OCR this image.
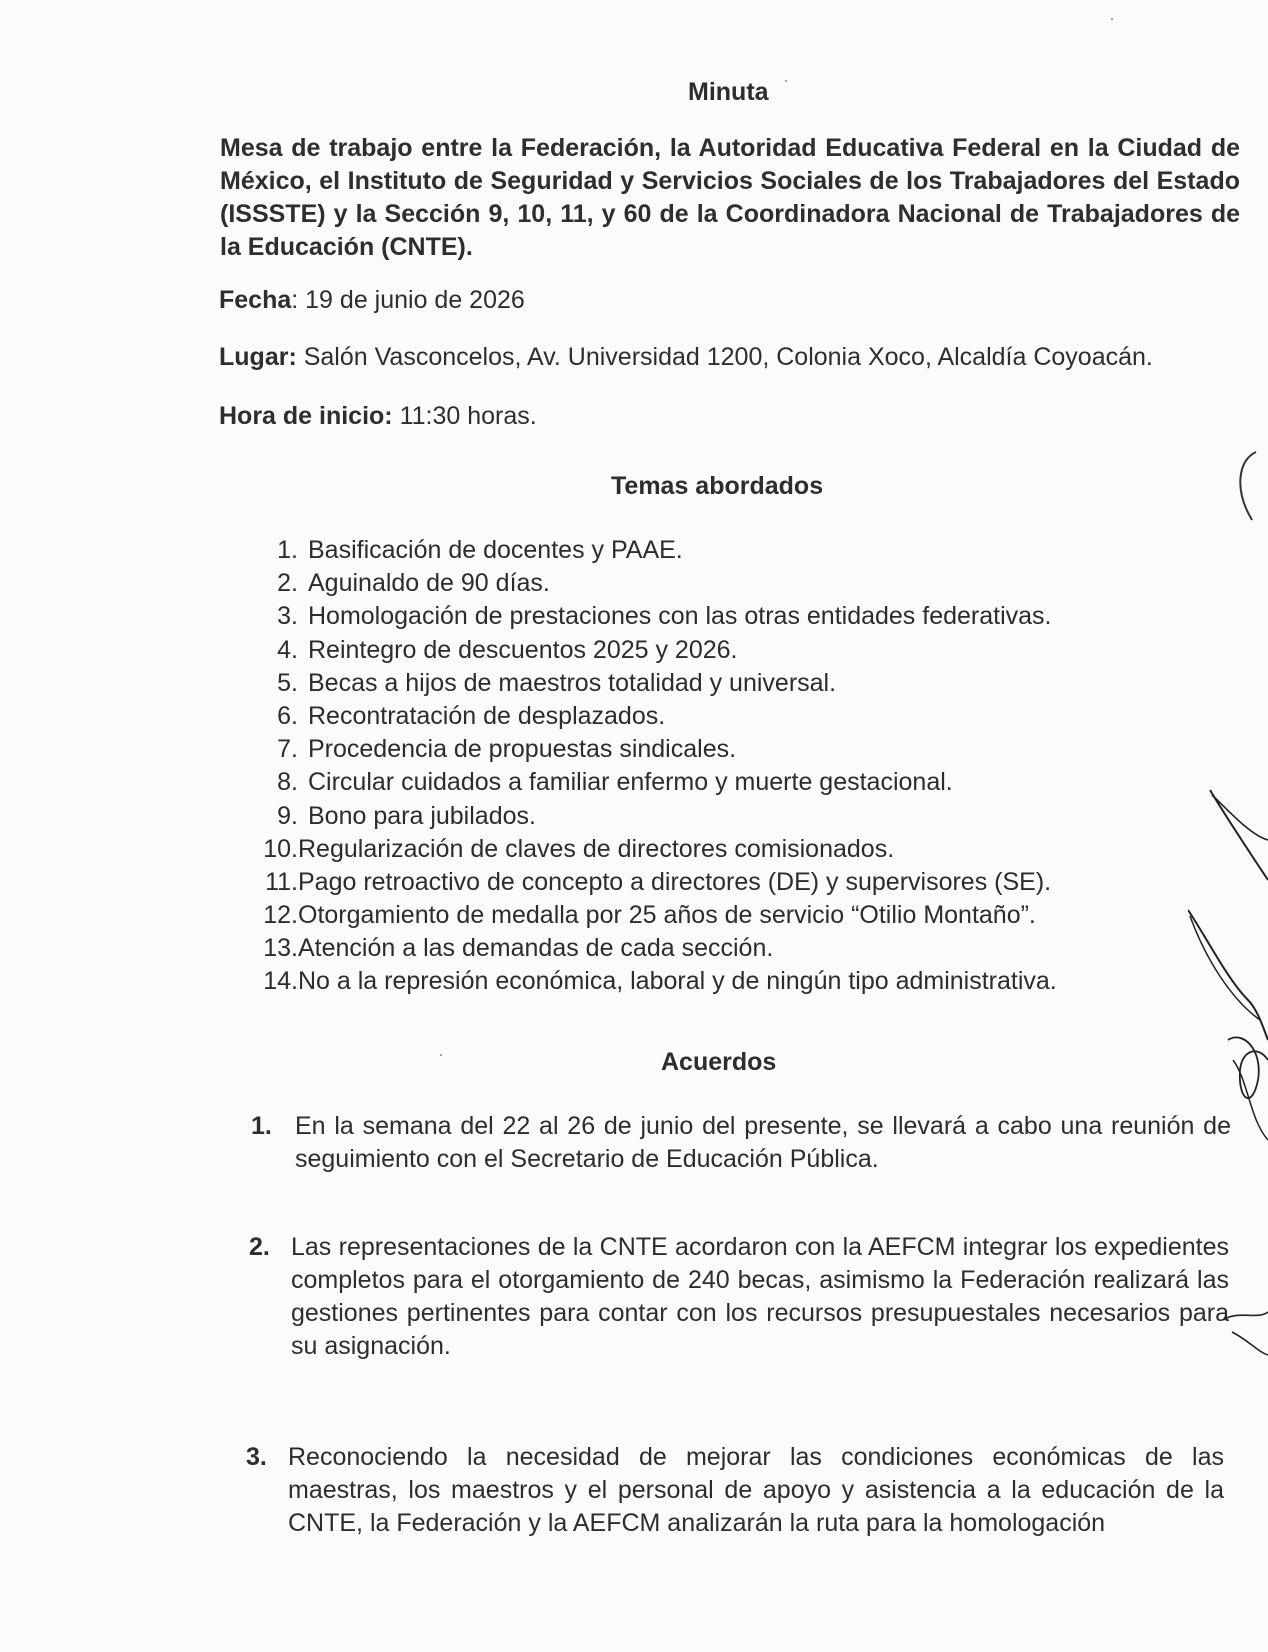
Minuta
Mesa de trabajo entre la Federación, la Autoridad Educativa Federal en la Ciudad de México, el Instituto de Seguridad y Servicios Sociales de los Trabajadores del Estado (ISSSTE) y la Sección 9, 10, 11, y 60 de la Coordinadora Nacional de Trabajadores de la Educación (CNTE).
Fecha: 19 de junio de 2026
Lugar: Salón Vasconcelos, Av. Universidad 1200, Colonia Xoco, Alcaldía Coyoacán.
Hora de inicio: 11:30 horas.
Temas abordados
1. Basificación de docentes y PAAE.
2. Aguinaldo de 90 días.
3. Homologación de prestaciones con las otras entidades federativas.
4. Reintegro de descuentos 2025 y 2026.
5. Becas a hijos de maestros totalidad y universal.
6. Recontratación de desplazados.
7. Procedencia de propuestas sindicales.
8. Circular cuidados a familiar enfermo y muerte gestacional.
9. Bono para jubilados.
10.Regularización de claves de directores comisionados.
11.Pago retroactivo de concepto a directores (DE) y supervisores (SE).
12.Otorgamiento de medalla por 25 años de servicio “Otilio Montaño”.
13.Atención a las demandas de cada sección.
14.No a la represión económica, laboral y de ningún tipo administrativa.
Acuerdos
1. En la semana del 22 al 26 de junio del presente, se llevará a cabo una reunión de seguimiento con el Secretario de Educación Pública.
2. Las representaciones de la CNTE acordaron con la AEFCM integrar los expedientes completos para el otorgamiento de 240 becas, asimismo la Federación realizará las gestiones pertinentes para contar con los recursos presupuestales necesarios para su asignación.
3. Reconociendo la necesidad de mejorar las condiciones económicas de las maestras, los maestros y el personal de apoyo y asistencia a la educación de la CNTE, la Federación y la AEFCM analizarán la ruta para la homologación
